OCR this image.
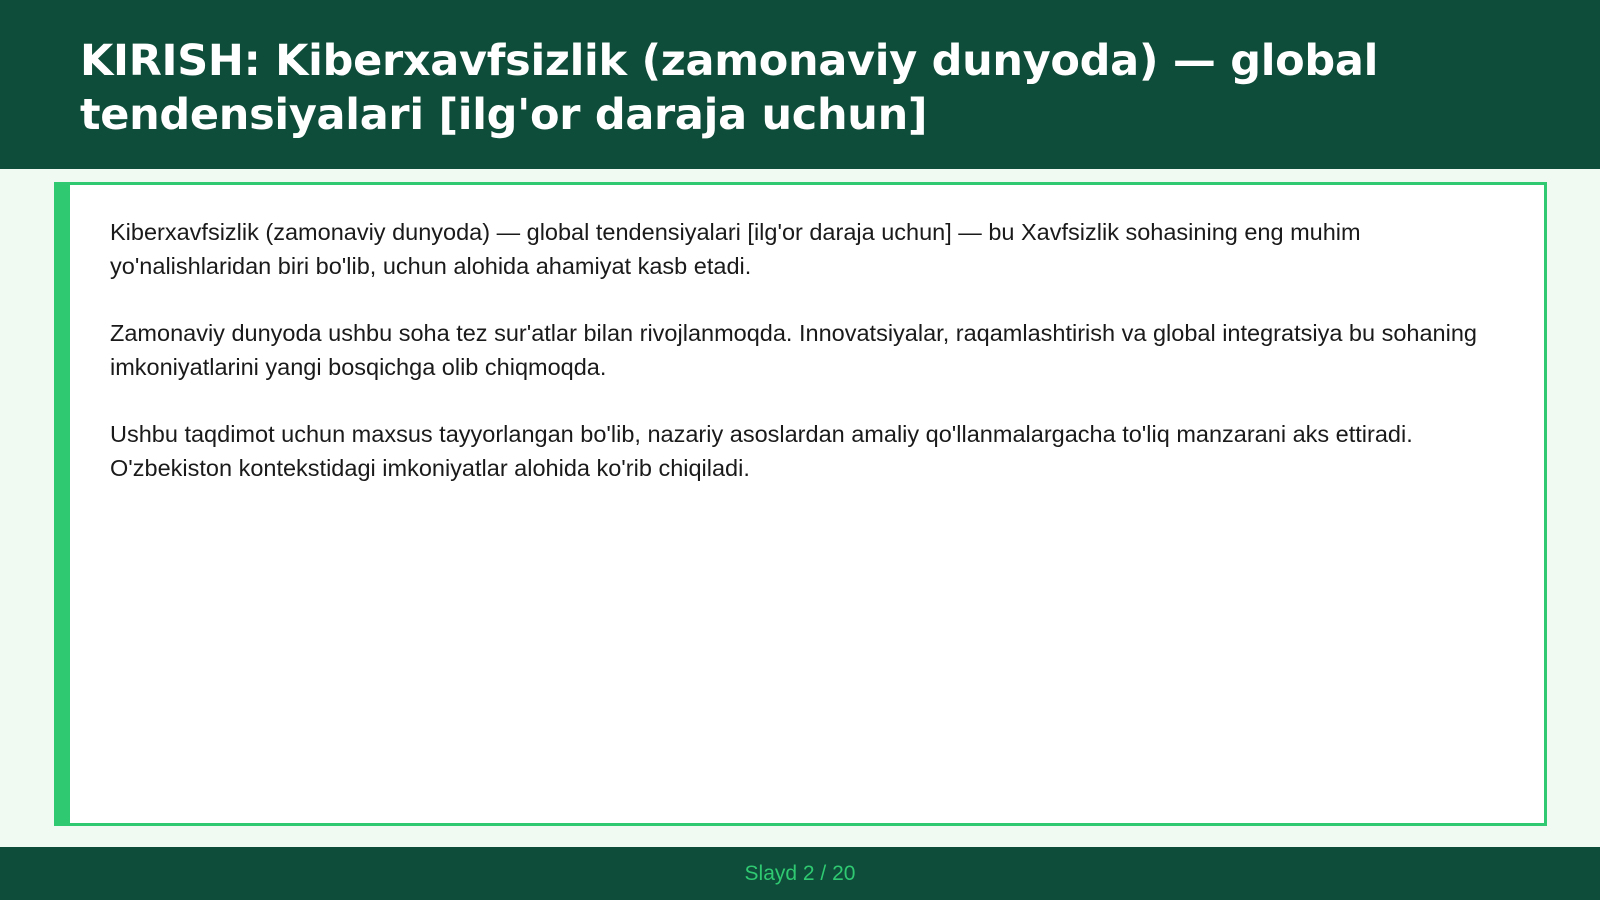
KIRISH: Kiberxavfsizlik (zamonaviy dunyoda) — global tendensiyalari [ilg'or daraja uchun]

Kiberxavfsizlik (zamonaviy dunyoda) — global tendensiyalari [ilg'or daraja uchun] — bu Xavfsizlik sohasining eng muhim yo'nalishlaridan biri bo'lib, uchun alohida ahamiyat kasb etadi.

Zamonaviy dunyoda ushbu soha tez sur'atlar bilan rivojlanmoqda. Innovatsiyalar, raqamlashtirish va global integratsiya bu sohaning imkoniyatlarini yangi bosqichga olib chiqmoqda.

Ushbu taqdimot uchun maxsus tayyorlangan bo'lib, nazariy asoslardan amaliy qo'llanmalargacha to'liq manzarani aks ettiradi. O'zbekiston kontekstidagi imkoniyatlar alohida ko'rib chiqiladi.

Slayd 2 / 20
